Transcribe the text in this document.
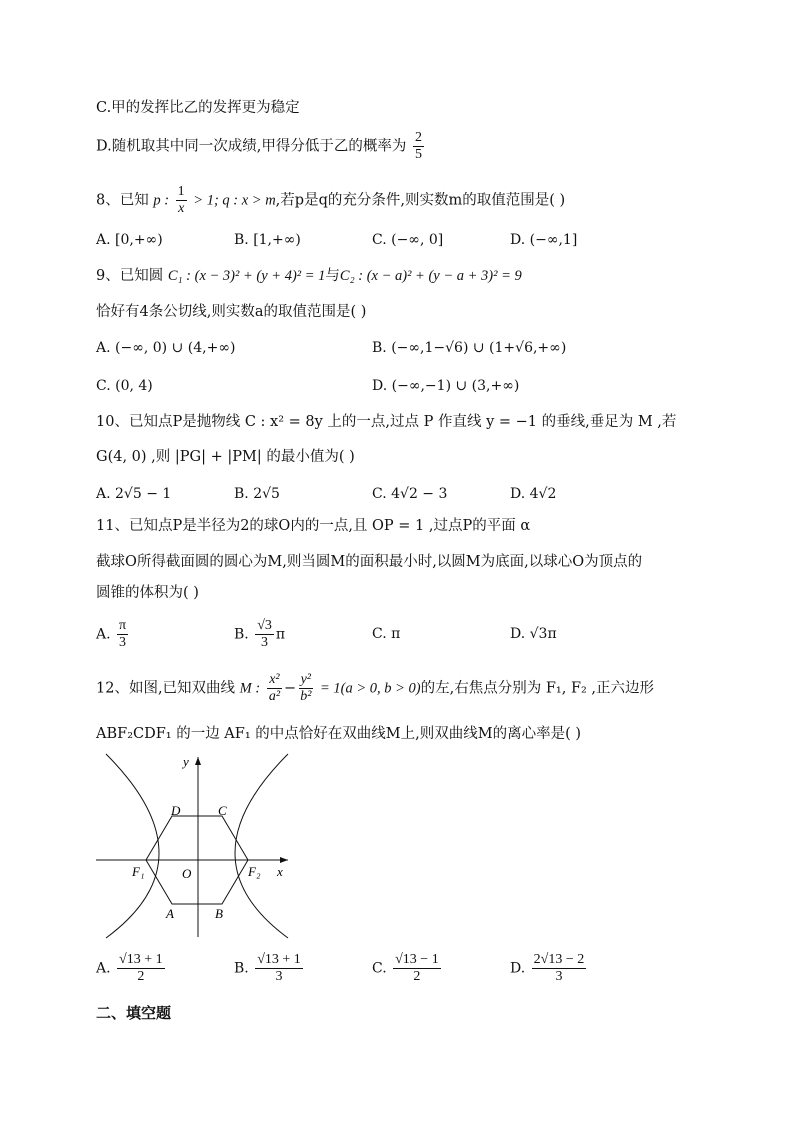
C.甲的发挥比乙的发挥更为稳定
D.随机取其中同一次成绩,甲得分低于乙的概率为 $\frac{2}{5}$
8、已知 p : $\frac{1}{x} > 1$; q : x > m,若p是q的充分条件,则实数m的取值范围是( )
A. [0,+∞)	B. [1,+∞)	C. (−∞, 0]	D. (−∞,1]
9、已知圆 C₁ : (x − 3)² + (y + 4)² = 1与C₂ : (x − a)² + (y − a + 3)² = 9
恰好有4条公切线,则实数a的取值范围是( )
A. (−∞, 0) ∪ (4,+∞)	B. (−∞,1−√6) ∪ (1+√6,+∞)
C. (0, 4)	D. (−∞,−1) ∪ (3,+∞)
10、已知点P是抛物线 C : x² = 8y 上的一点,过点 P 作直线 y = −1 的垂线,垂足为 M ,若
G(4, 0) ,则 |PG| + |PM| 的最小值为( )
A. 2√5 − 1	B. 2√5	C. 4√2 − 3	D. 4√2
11、已知点P是半径为2的球O内的一点,且 OP = 1 ,过点P的平面 α
截球O所得截面圆的圆心为M,则当圆M的面积最小时,以圆M为底面,以球心O为顶点的
圆锥的体积为( )
A. $\frac{\pi}{3}$	B. $\frac{√3}{3}$ π	C. π	D. √3π
12、如图,已知双曲线 M : $\frac{\text{x²}}{\text{a²}} - \frac{\text{y²}}{\text{b²}} = 1(a > 0$, b > 0)的左,右焦点分别为 F₁, F₂ ,正六边形
ABF₂CDF₁ 的一边 AF₁ 的中点恰好在双曲线M上,则双曲线M的离心率是( )
y
x
O
D	C
A	B
F₁	F₂
A. $\frac{√13 + 1}{2}$	B. $\frac{√13 + 1}{3}$	C. $\frac{√13 - 1}{2}$	D. $\frac{2√13 - 2}{3}$
二、填空题
